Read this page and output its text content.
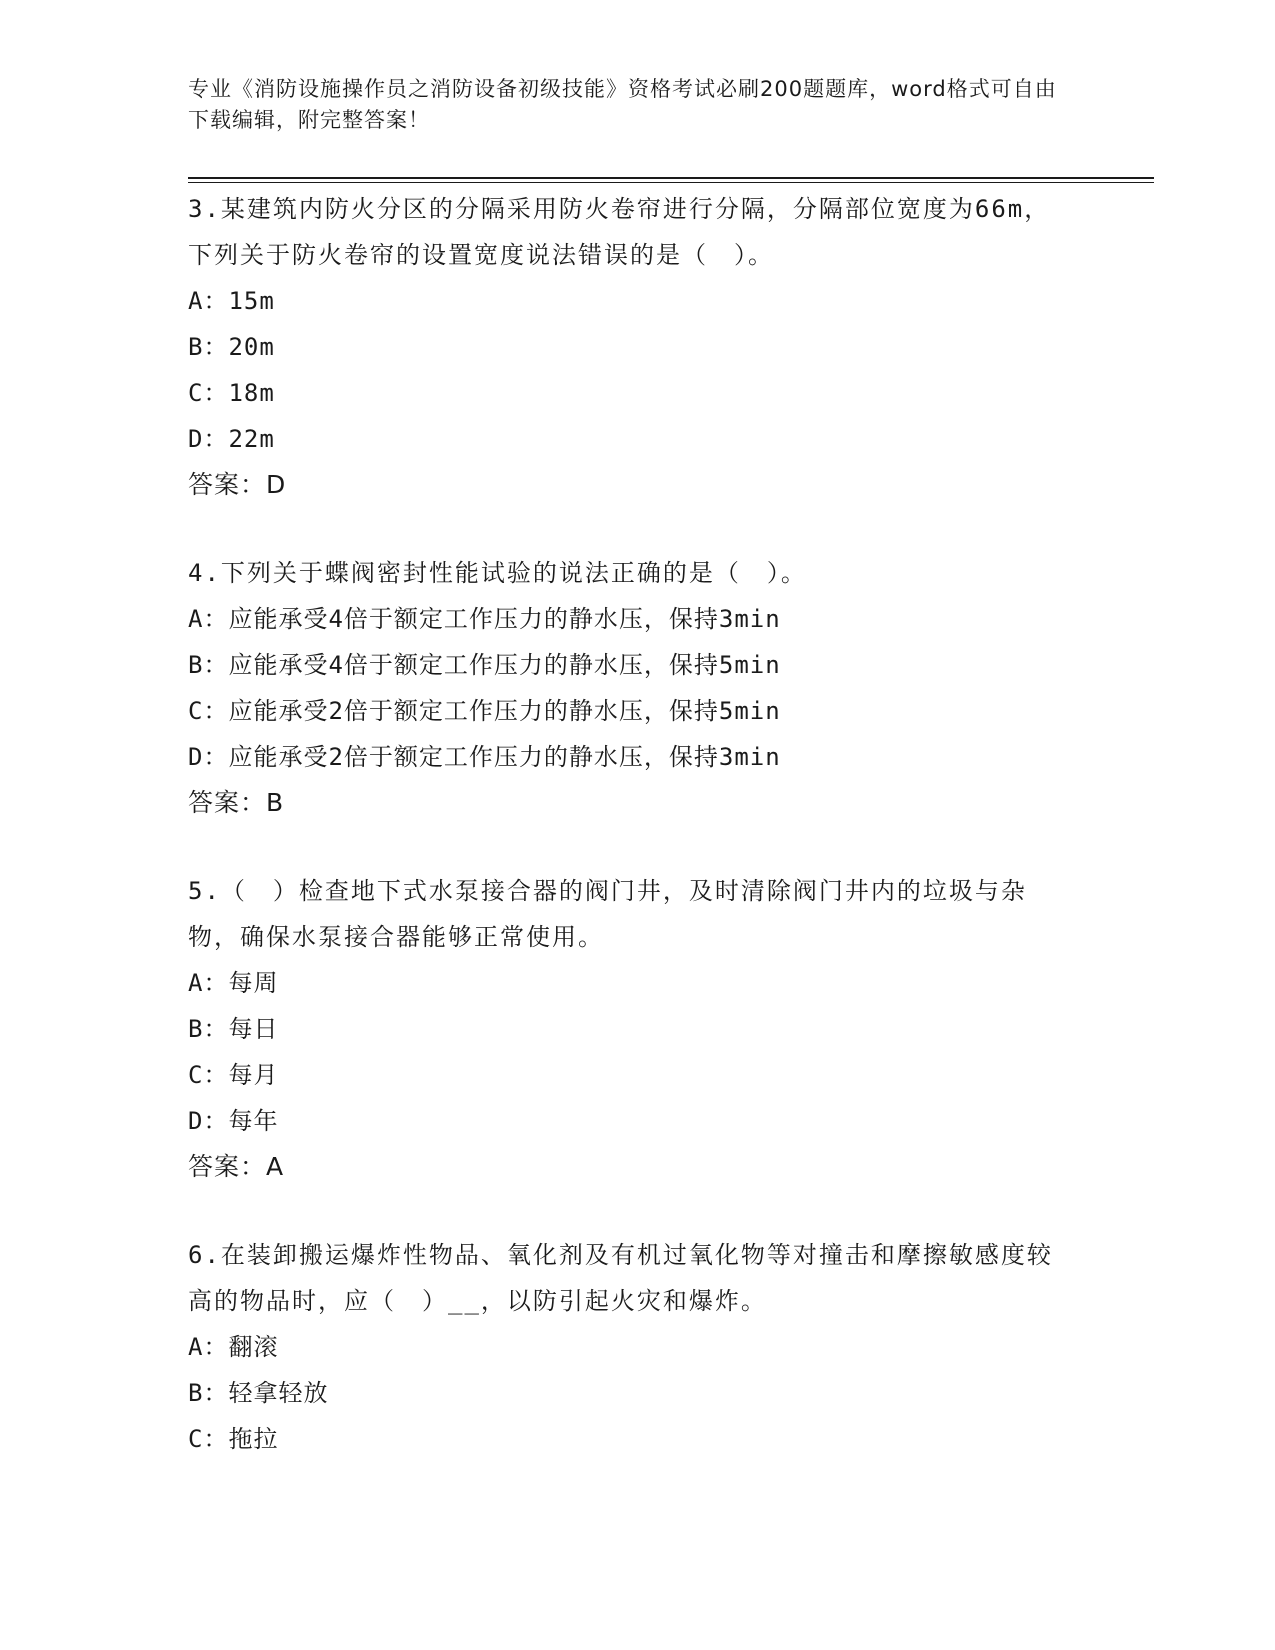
专业《消防设施操作员之消防设备初级技能》资格考试必刷200题题库，word格式可自由下载编辑，附完整答案！
3.某建筑内防火分区的分隔采用防火卷帘进行分隔，分隔部位宽度为66m，下列关于防火卷帘的设置宽度说法错误的是（　）。
A：15m
B：20m
C：18m
D：22m
答案：D
4.下列关于蝶阀密封性能试验的说法正确的是（　）。
A：应能承受4倍于额定工作压力的静水压，保持3min
B：应能承受4倍于额定工作压力的静水压，保持5min
C：应能承受2倍于额定工作压力的静水压，保持5min
D：应能承受2倍于额定工作压力的静水压，保持3min
答案：B
5.（　）检查地下式水泵接合器的阀门井，及时清除阀门井内的垃圾与杂物，确保水泵接合器能够正常使用。
A：每周
B：每日
C：每月
D：每年
答案：A
6.在装卸搬运爆炸性物品、氧化剂及有机过氧化物等对撞击和摩擦敏感度较高的物品时，应（　）__，以防引起火灾和爆炸。
A：翻滚
B：轻拿轻放
C：拖拉
